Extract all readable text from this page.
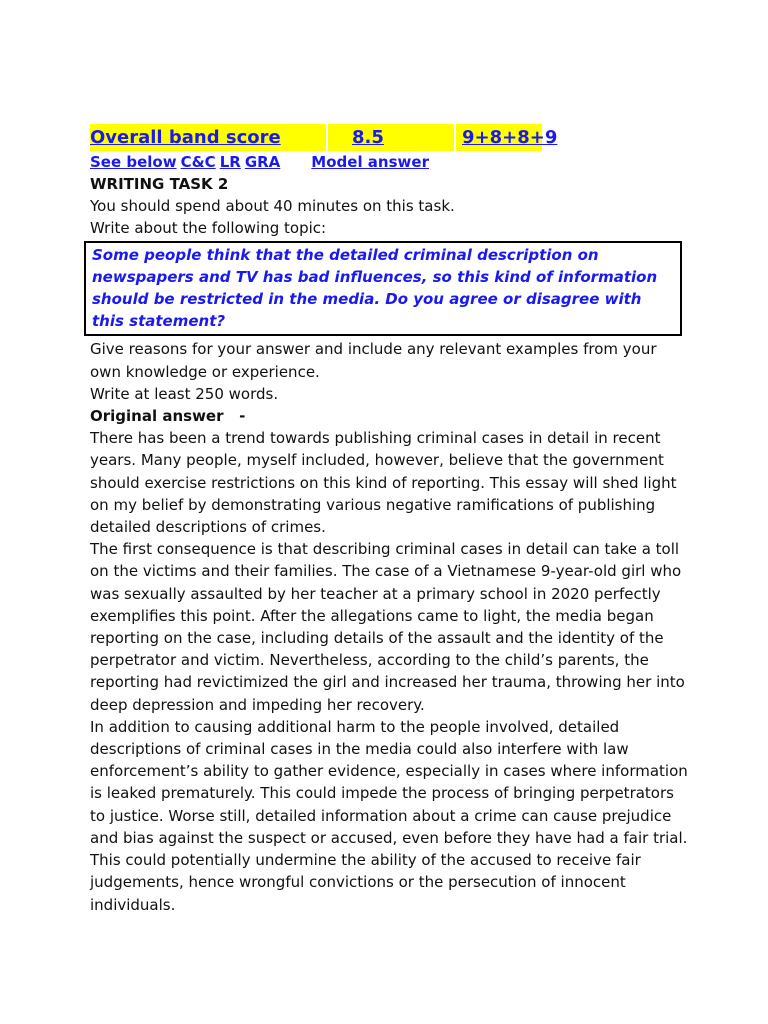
Overall band score	8.5	9+8+8+9
See below C&C LR GRA Model answer

WRITING TASK 2

You should spend about 40 minutes on this task.

Write about the following topic:

Some people think that the detailed criminal description on newspapers and TV has bad influences, so this kind of information should be restricted in the media. Do you agree or disagree with this statement?

Give reasons for your answer and include any relevant examples from your own knowledge or experience.

Write at least 250 words.

Original answer   -

There has been a trend towards publishing criminal cases in detail in recent years. Many people, myself included, however, believe that the government should exercise restrictions on this kind of reporting. This essay will shed light on my belief by demonstrating various negative ramifications of publishing detailed descriptions of crimes.

The first consequence is that describing criminal cases in detail can take a toll on the victims and their families. The case of a Vietnamese 9-year-old girl who was sexually assaulted by her teacher at a primary school in 2020 perfectly exemplifies this point. After the allegations came to light, the media began reporting on the case, including details of the assault and the identity of the perpetrator and victim. Nevertheless, according to the child’s parents, the reporting had revictimized the girl and increased her trauma, throwing her into deep depression and impeding her recovery.

In addition to causing additional harm to the people involved, detailed descriptions of criminal cases in the media could also interfere with law enforcement’s ability to gather evidence, especially in cases where information is leaked prematurely. This could impede the process of bringing perpetrators to justice. Worse still, detailed information about a crime can cause prejudice and bias against the suspect or accused, even before they have had a fair trial. This could potentially undermine the ability of the accused to receive fair judgements, hence wrongful convictions or the persecution of innocent individuals.
